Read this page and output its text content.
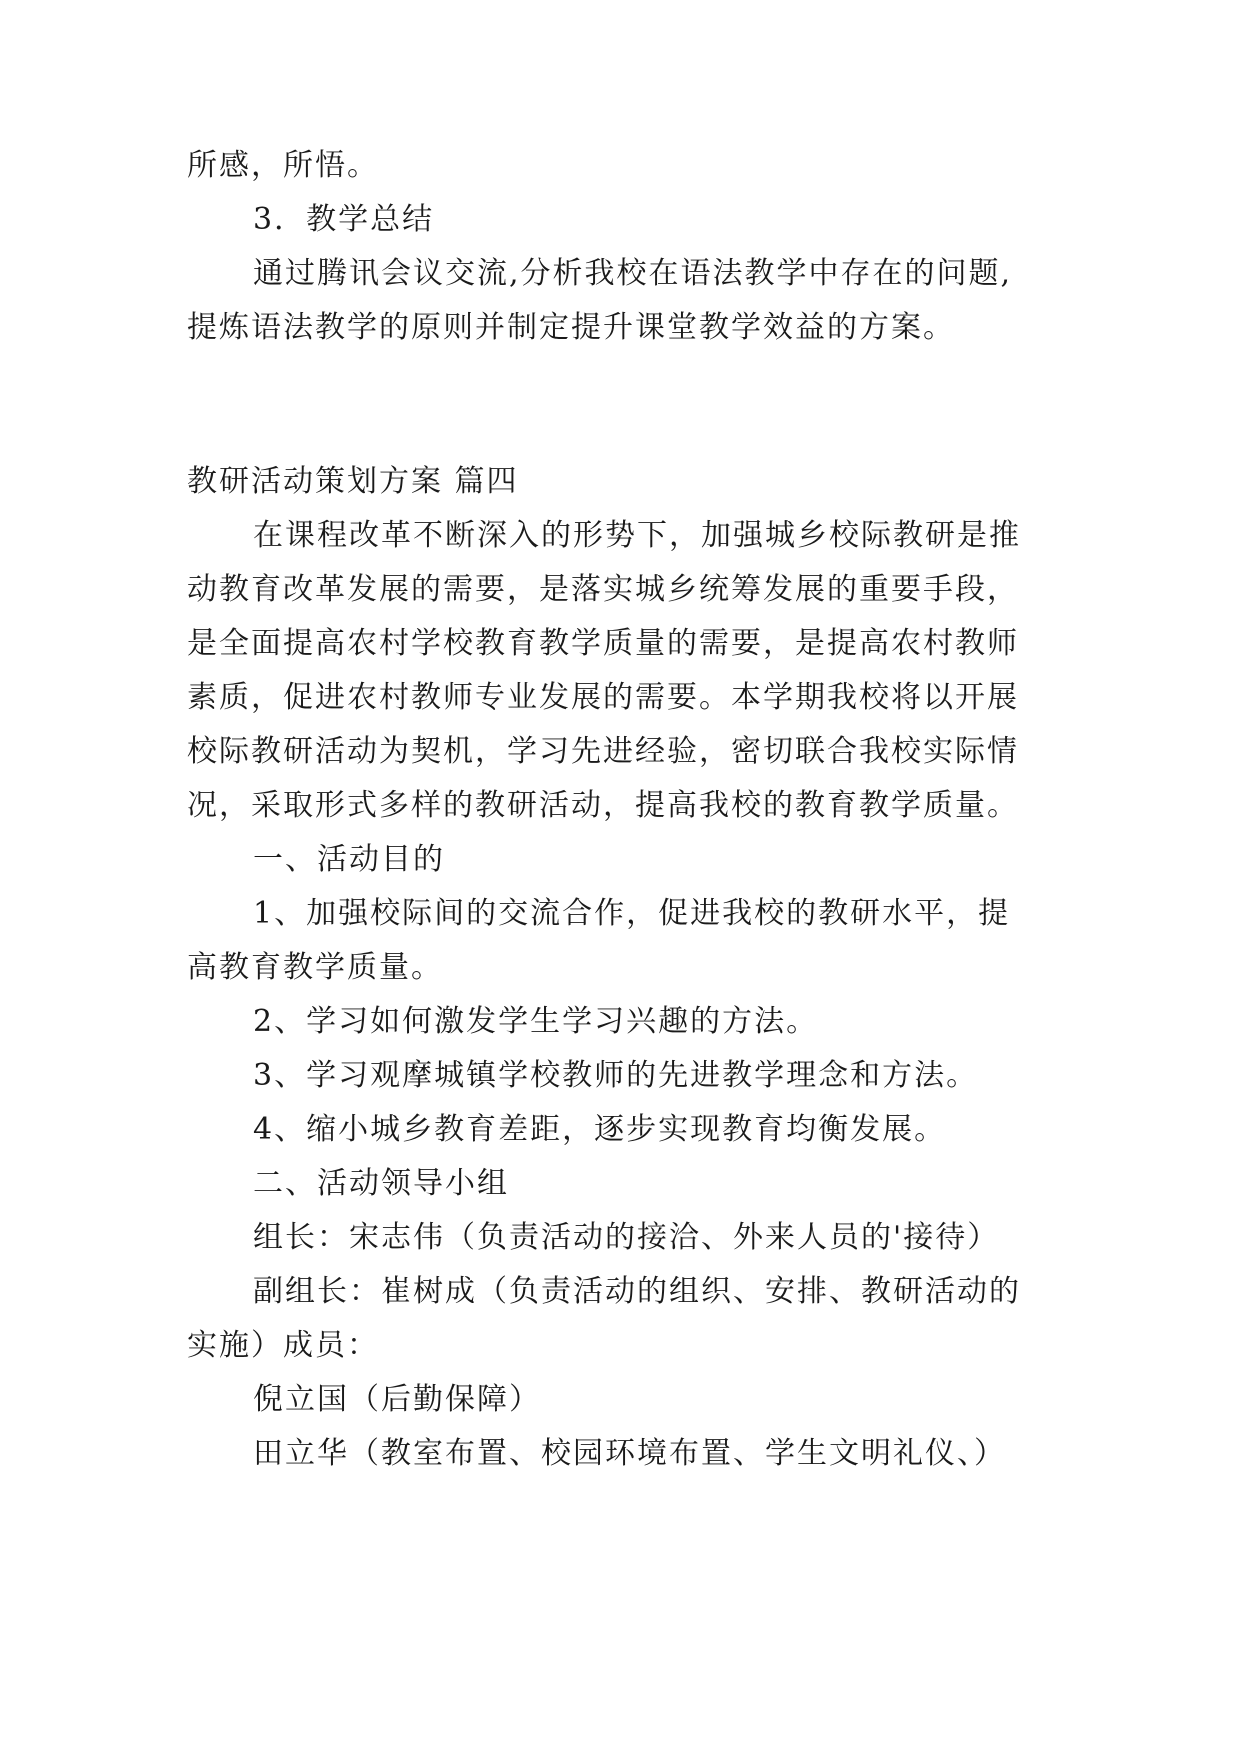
所感，所悟。

3．教学总结

通过腾讯会议交流,分析我校在语法教学中存在的问题,

提炼语法教学的原则并制定提升课堂教学效益的方案。

教研活动策划方案 篇四

在课程改革不断深入的形势下，加强城乡校际教研是推

动教育改革发展的需要，是落实城乡统筹发展的重要手段，

是全面提高农村学校教育教学质量的需要，是提高农村教师

素质，促进农村教师专业发展的需要。本学期我校将以开展

校际教研活动为契机，学习先进经验，密切联合我校实际情

况，采取形式多样的教研活动，提高我校的教育教学质量。

一、活动目的

1、加强校际间的交流合作，促进我校的教研水平，提

高教育教学质量。

2、学习如何激发学生学习兴趣的方法。

3、学习观摩城镇学校教师的先进教学理念和方法。

4、缩小城乡教育差距，逐步实现教育均衡发展。

二、活动领导小组

组长：宋志伟（负责活动的接洽、外来人员的'接待）

副组长：崔树成（负责活动的组织、安排、教研活动的

实施）成员：

倪立国（后勤保障）

田立华（教室布置、校园环境布置、学生文明礼仪、）
